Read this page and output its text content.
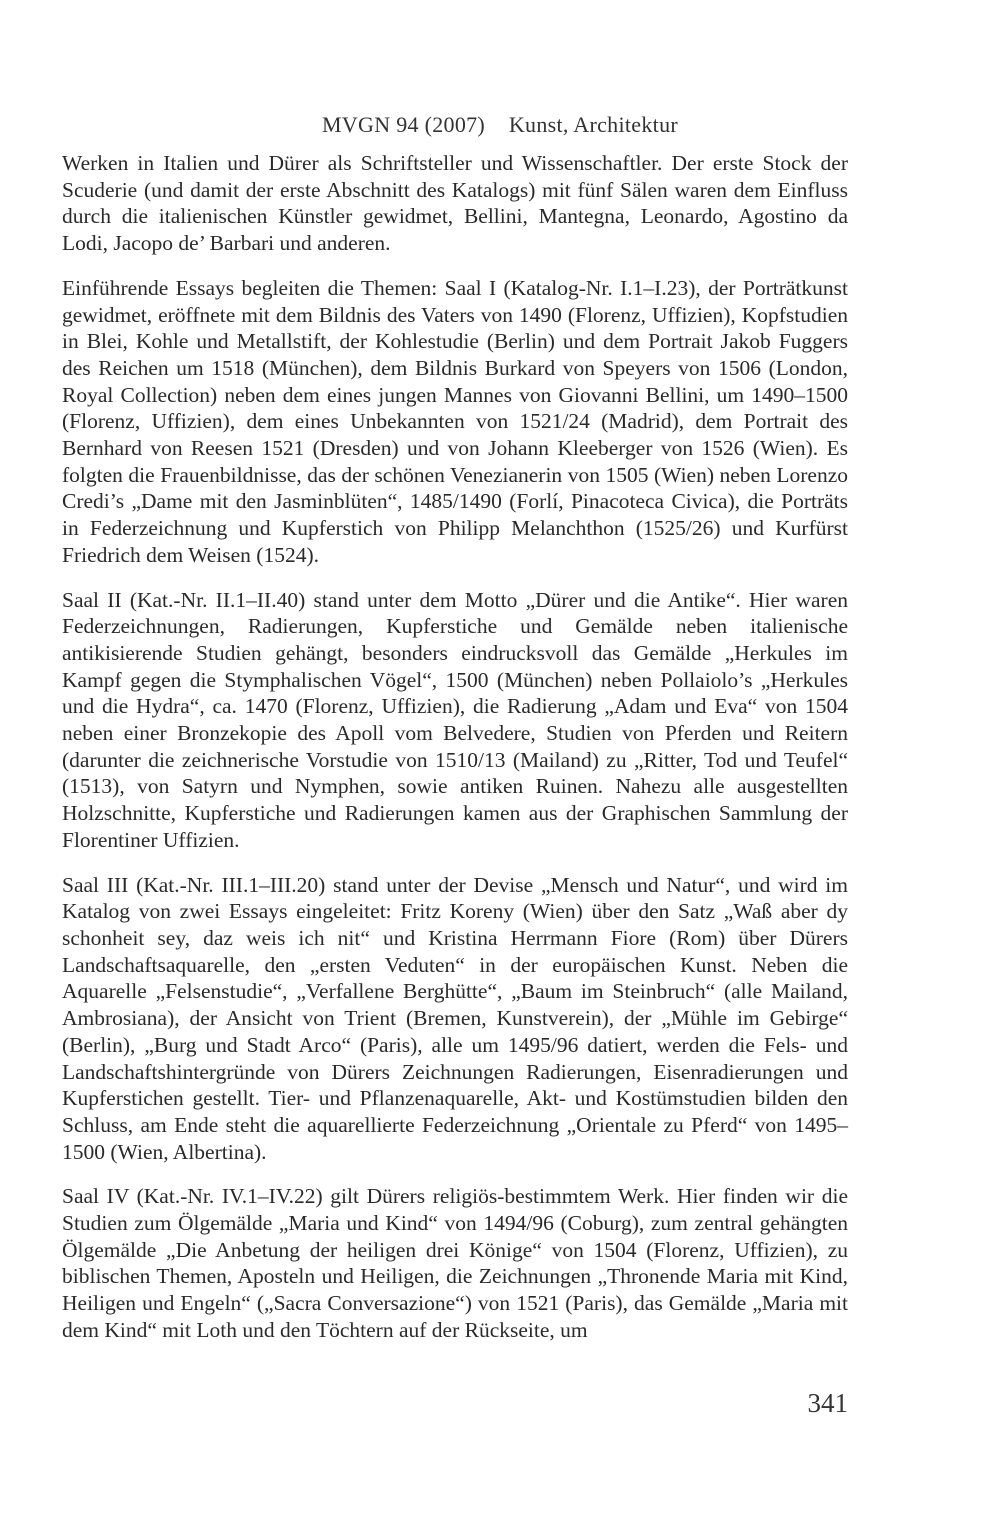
MVGN 94 (2007) Kunst, Architektur

Werken in Italien und Dürer als Schriftsteller und Wissenschaftler. Der erste Stock der Scuderie (und damit der erste Abschnitt des Katalogs) mit fünf Sälen waren dem Einfluss durch die italienischen Künstler gewidmet, Bellini, Mantegna, Leonardo, Agostino da Lodi, Jacopo de’ Barbari und anderen.

Einführende Essays begleiten die Themen: Saal I (Katalog-Nr. I.1–I.23), der Porträtkunst gewidmet, eröffnete mit dem Bildnis des Vaters von 1490 (Florenz, Uffizien), Kopfstudien in Blei, Kohle und Metallstift, der Kohlestudie (Berlin) und dem Portrait Jakob Fuggers des Reichen um 1518 (München), dem Bildnis Burkard von Speyers von 1506 (London, Royal Collection) neben dem eines jungen Mannes von Giovanni Bellini, um 1490–1500 (Florenz, Uffizien), dem eines Unbekannten von 1521/24 (Madrid), dem Portrait des Bernhard von Reesen 1521 (Dresden) und von Johann Kleeberger von 1526 (Wien). Es folgten die Frauenbildnisse, das der schönen Venezianerin von 1505 (Wien) neben Lorenzo Credi’s „Dame mit den Jasminblüten“, 1485/1490 (Forlí, Pinacoteca Civica), die Porträts in Federzeichnung und Kupferstich von Philipp Melanchthon (1525/26) und Kurfürst Friedrich dem Weisen (1524).

Saal II (Kat.-Nr. II.1–II.40) stand unter dem Motto „Dürer und die Antike“. Hier waren Federzeichnungen, Radierungen, Kupferstiche und Gemälde neben italienische antikisierende Studien gehängt, besonders eindrucksvoll das Gemälde „Herkules im Kampf gegen die Stymphalischen Vögel“, 1500 (München) neben Pollaiolo’s „Herkules und die Hydra“, ca. 1470 (Florenz, Uffizien), die Radierung „Adam und Eva“ von 1504 neben einer Bronzekopie des Apoll vom Belvedere, Studien von Pferden und Reitern (darunter die zeichnerische Vorstudie von 1510/13 (Mailand) zu „Ritter, Tod und Teufel“ (1513), von Satyrn und Nymphen, sowie antiken Ruinen. Nahezu alle ausgestellten Holzschnitte, Kupferstiche und Radierungen kamen aus der Graphischen Sammlung der Florentiner Uffizien.

Saal III (Kat.-Nr. III.1–III.20) stand unter der Devise „Mensch und Natur“, und wird im Katalog von zwei Essays eingeleitet: Fritz Koreny (Wien) über den Satz „Waß aber dy schonheit sey, daz weis ich nit“ und Kristina Herrmann Fiore (Rom) über Dürers Landschaftsaquarelle, den „ersten Veduten“ in der europäischen Kunst. Neben die Aquarelle „Felsenstudie“, „Verfallene Berghütte“, „Baum im Steinbruch“ (alle Mailand, Ambrosiana), der Ansicht von Trient (Bremen, Kunstverein), der „Mühle im Gebirge“ (Berlin), „Burg und Stadt Arco“ (Paris), alle um 1495/96 datiert, werden die Fels- und Landschaftshintergründe von Dürers Zeichnungen Radierungen, Eisenradierungen und Kupferstichen gestellt. Tier- und Pflanzenaquarelle, Akt- und Kostümstudien bilden den Schluss, am Ende steht die aquarellierte Federzeichnung „Orientale zu Pferd“ von 1495–1500 (Wien, Albertina).

Saal IV (Kat.-Nr. IV.1–IV.22) gilt Dürers religiös-bestimmtem Werk. Hier finden wir die Studien zum Ölgemälde „Maria und Kind“ von 1494/96 (Coburg), zum zentral gehängten Ölgemälde „Die Anbetung der heiligen drei Könige“ von 1504 (Florenz, Uffizien), zu biblischen Themen, Aposteln und Heiligen, die Zeichnungen „Thronende Maria mit Kind, Heiligen und Engeln“ („Sacra Conversazione“) von 1521 (Paris), das Gemälde „Maria mit dem Kind“ mit Loth und den Töchtern auf der Rückseite, um

341
